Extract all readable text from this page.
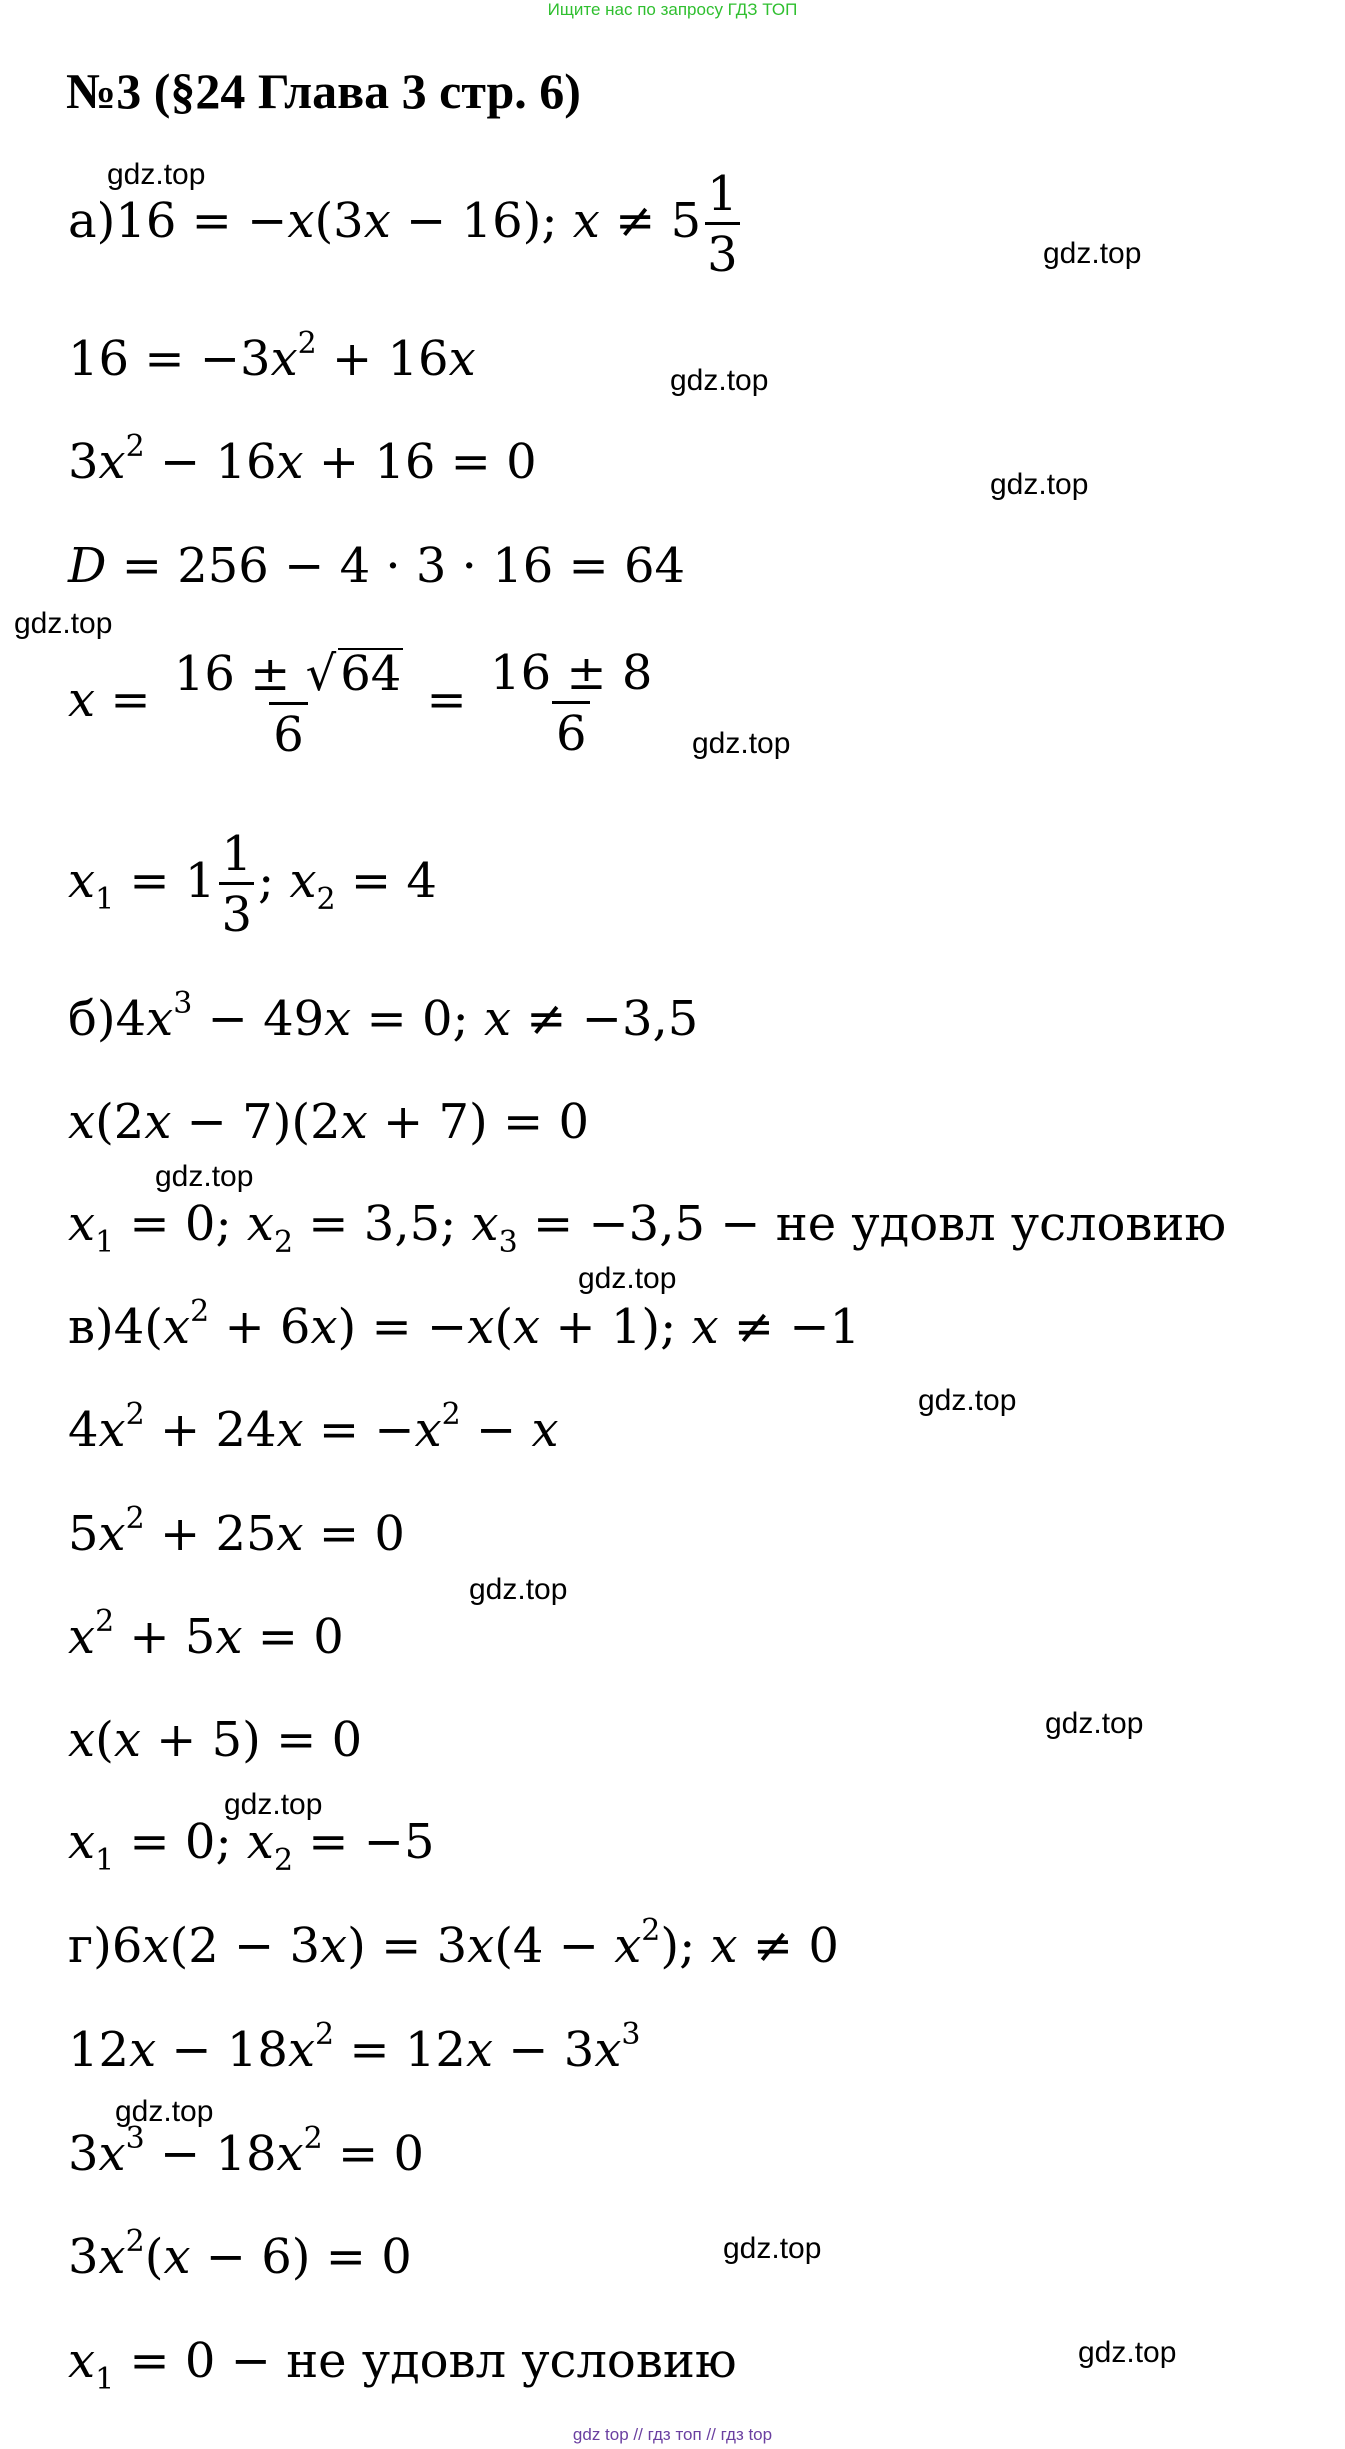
Ищите нас по запросу ГДЗ ТОП
№3 (§24 Глава 3 стр. 6)
gdz.top
gdz.top
gdz.top
gdz.top
gdz.top
gdz.top
gdz.top
gdz.top
gdz.top
gdz.top
gdz.top
gdz.top
gdz.top
gdz.top
gdz.top
а)16 = −x(3x − 16); $x \ne 5 \frac{1}{3}$
$16 = -3x^2 + 16x$
$3x^2 - 16x + 16 = 0$
D = 256 − 4 · 3 · 16 = 64
$x = \frac{16 \pm √64}{6} = \frac{16 \pm 8}{6}$
$x_1 = 1 \frac{1}{3}$ ; $x_2 = 4$
$б)4x^3 - 49x = 0$; x ≠ −3,5
x(2x − 7)(2x + 7) = 0
$x_1 = 0$; $x_2 = 3,5$; $x_3 = -3,5$ − не удовл условию
$в)4(x^2 + 6x) = -x(x + 1)$; x ≠ −1
$4x^2 + 24x = -x^2 - x$
$5x^2 + 25x = 0$
$x^2 + 5x = 0$
x(x + 5) = 0
$x_1 = 0$; $x_2 = -5$
$г)6x(2 - 3x) = 3x(4 - x^2)$; x ≠ 0
$12x - 18x^2 = 12x - 3x^3$
$3x^3 - 18x^2 = 0$
$3x^2(x - 6) = 0$
$x_1 = 0$ − не удовл условию
gdz top // гдз топ // гдз top
